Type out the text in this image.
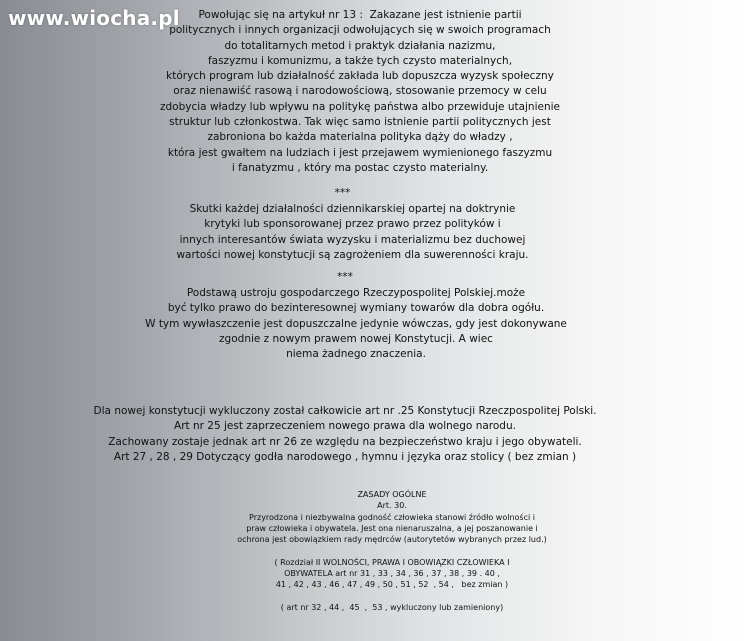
www.wiocha.pl	Powołując się na artykuł nr 13 :  Zakazane jest istnienie partii
politycznych i innych organizacji odwołujących się w swoich programach
do totalitarnych metod i praktyk działania nazizmu,
faszyzmu i komunizmu, a także tych czysto materialnych,
których program lub działalność zakłada lub dopuszcza wyzysk społeczny
oraz nienawiść rasową i narodowościową, stosowanie przemocy w celu
zdobycia władzy lub wpływu na politykę państwa albo przewiduje utajnienie
struktur lub członkostwa. Tak więc samo istnienie partii politycznych jest
zabroniona bo każda materialna polityka dąży do władzy ,
która jest gwałtem na ludziach i jest przejawem wymienionego faszyzmu
i fanatyzmu , który ma postac czysto materialny.
***
Skutki każdej działalności dziennikarskiej opartej na doktrynie
krytyki lub sponsorowanej przez prawo przez polityków i
innych interesantów świata wyzysku i materializmu bez duchowej
wartości nowej konstytucji są zagrożeniem dla suwerenności kraju.
***
Podstawą ustroju gospodarczego Rzeczypospolitej Polskiej.może
być tylko prawo do bezinteresownej wymiany towarów dla dobra ogółu.
W tym wywłaszczenie jest dopuszczalne jedynie wówczas, gdy jest dokonywane
zgodnie z nowym prawem nowej Konstytucji. A wiec
niema żadnego znaczenia.
Dla nowej konstytucji wykluczony został całkowicie art nr .25 Konstytucji Rzeczpospolitej Polski.
Art nr 25 jest zaprzeczeniem nowego prawa dla wolnego narodu.
Zachowany zostaje jednak art nr 26 ze względu na bezpieczeństwo kraju i jego obywateli.
Art 27 , 28 , 29 Dotyczący godła narodowego , hymnu i języka oraz stolicy ( bez zmian )
ZASADY OGÓLNE
Art. 30.
Przyrodzona i niezbywalna godność człowieka stanowi źródło wolności i
praw człowieka i obywatela. Jest ona nienaruszalna, a jej poszanowanie i
ochrona jest obowiązkiem rady mędrców (autorytetów wybranych przez lud.)

( Rozdział II WOLNOŚCI, PRAWA I OBOWIĄZKI CZŁOWIEKA I
OBYWATELA art nr 31 , 33 , 34 , 36 , 37 , 38 , 39 . 40 ,
41 , 42 , 43 , 46 , 47 , 49 , 50 , 51 , 52  , 54 ,   bez zmian )

( art nr 32 , 44 ,  45  ,  53 , wykluczony lub zamieniony)
